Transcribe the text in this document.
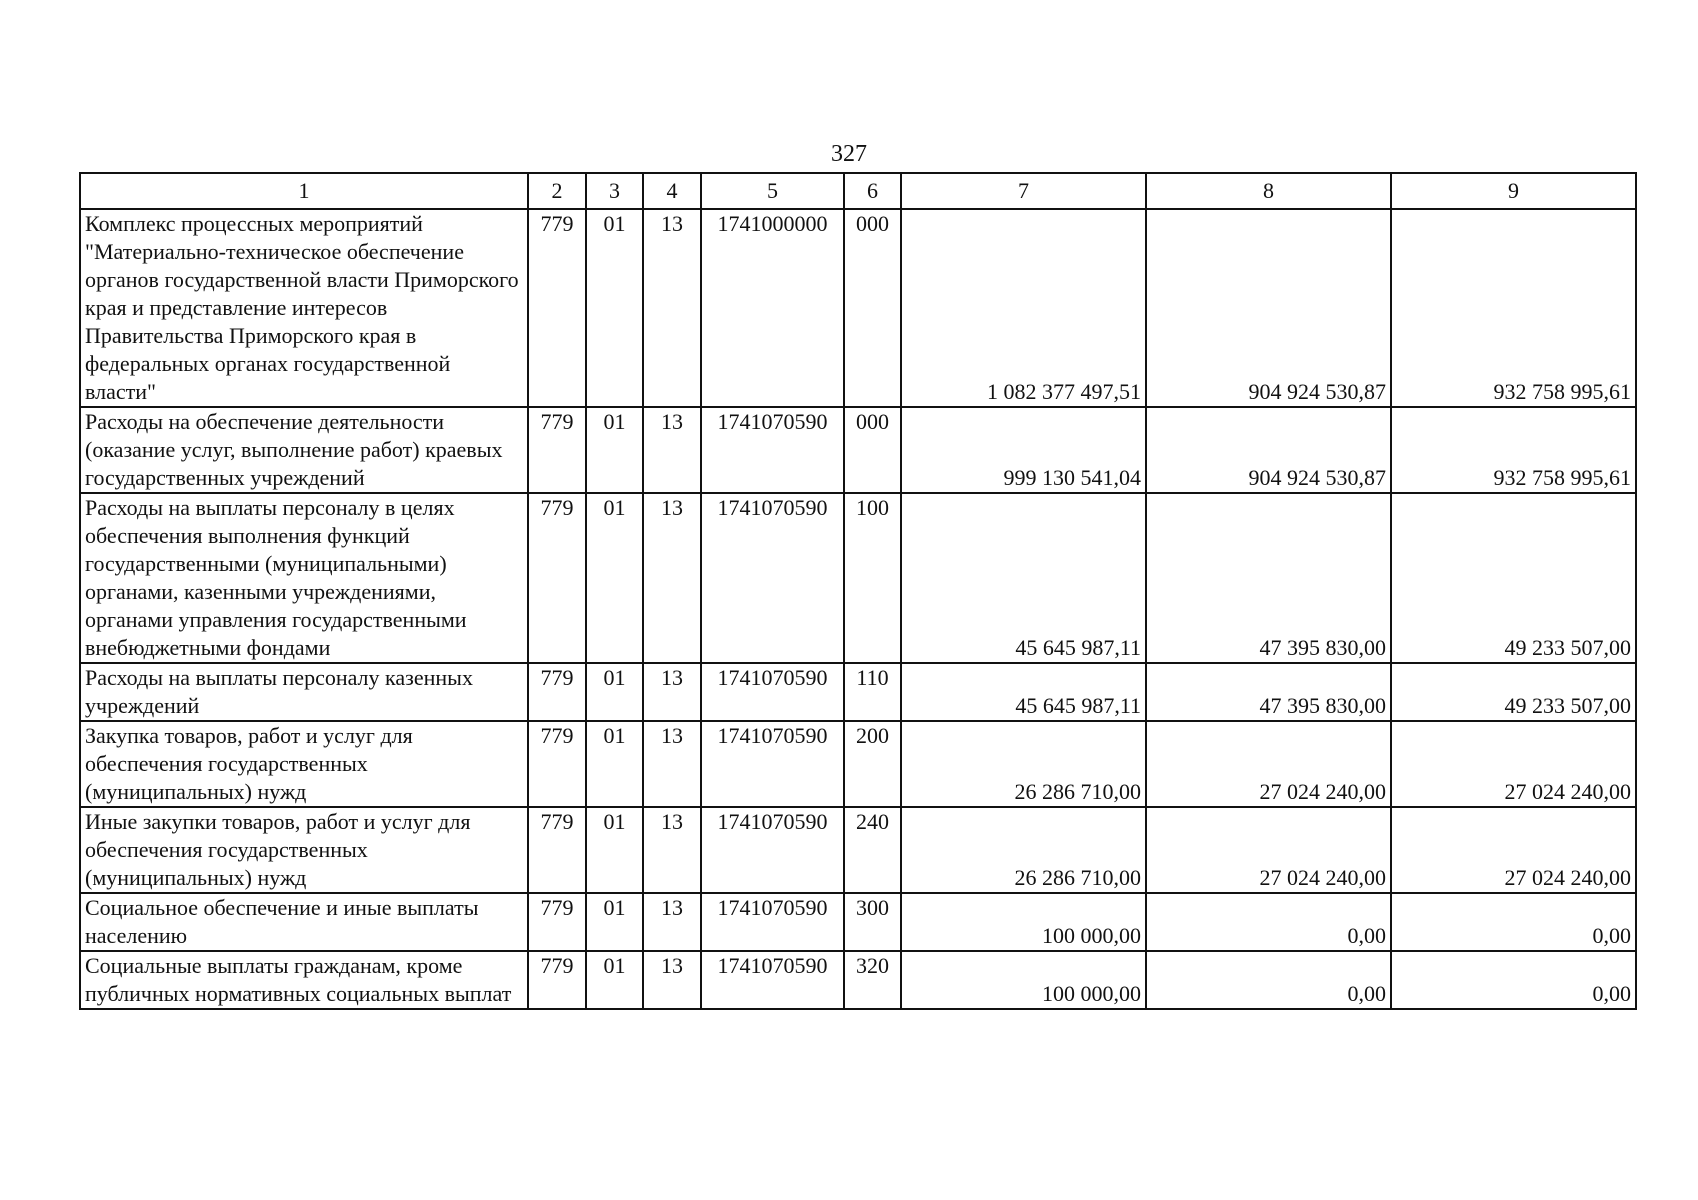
327
1	2	3	4	5	6	7	8	9
Комплекс процессных мероприятий "Материально-техническое обеспечение органов государственной власти Приморского края и представление интересов Правительства Приморского края в федеральных органах государственной власти"	779	01	13	1741000000	000	1 082 377 497,51	904 924 530,87	932 758 995,61
Расходы на обеспечение деятельности (оказание услуг, выполнение работ) краевых государственных учреждений	779	01	13	1741070590	000	999 130 541,04	904 924 530,87	932 758 995,61
Расходы на выплаты персоналу в целях обеспечения выполнения функций государственными (муниципальными) органами, казенными учреждениями, органами управления государственными внебюджетными фондами	779	01	13	1741070590	100	45 645 987,11	47 395 830,00	49 233 507,00
Расходы на выплаты персоналу казенных учреждений	779	01	13	1741070590	110	45 645 987,11	47 395 830,00	49 233 507,00
Закупка товаров, работ и услуг для обеспечения государственных (муниципальных) нужд	779	01	13	1741070590	200	26 286 710,00	27 024 240,00	27 024 240,00
Иные закупки товаров, работ и услуг для обеспечения государственных (муниципальных) нужд	779	01	13	1741070590	240	26 286 710,00	27 024 240,00	27 024 240,00
Социальное обеспечение и иные выплаты населению	779	01	13	1741070590	300	100 000,00	0,00	0,00
Социальные выплаты гражданам, кроме публичных нормативных социальных выплат	779	01	13	1741070590	320	100 000,00	0,00	0,00
